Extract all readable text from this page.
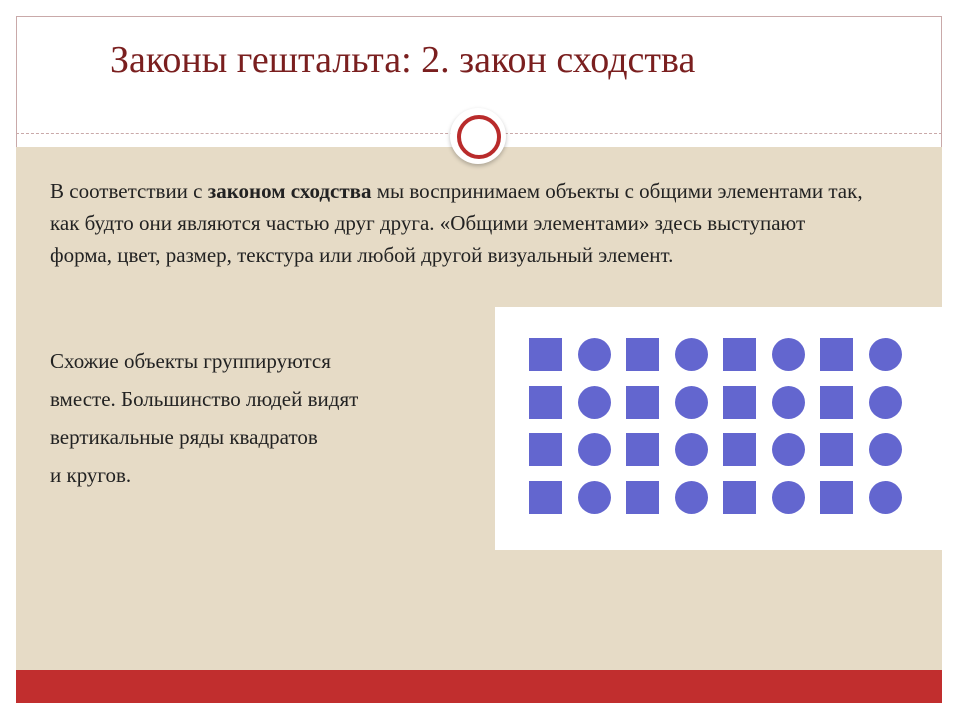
Законы гештальта: 2. закон сходства

В соответствии с законом сходства мы воспринимаем объекты с общими элементами так, как будто они являются частью друг друга. «Общими элементами» здесь выступают форма, цвет, размер, текстура или любой другой визуальный элемент.

Схожие объекты группируются
вместе. Большинство людей видят
вертикальные ряды квадратов
и кругов.
